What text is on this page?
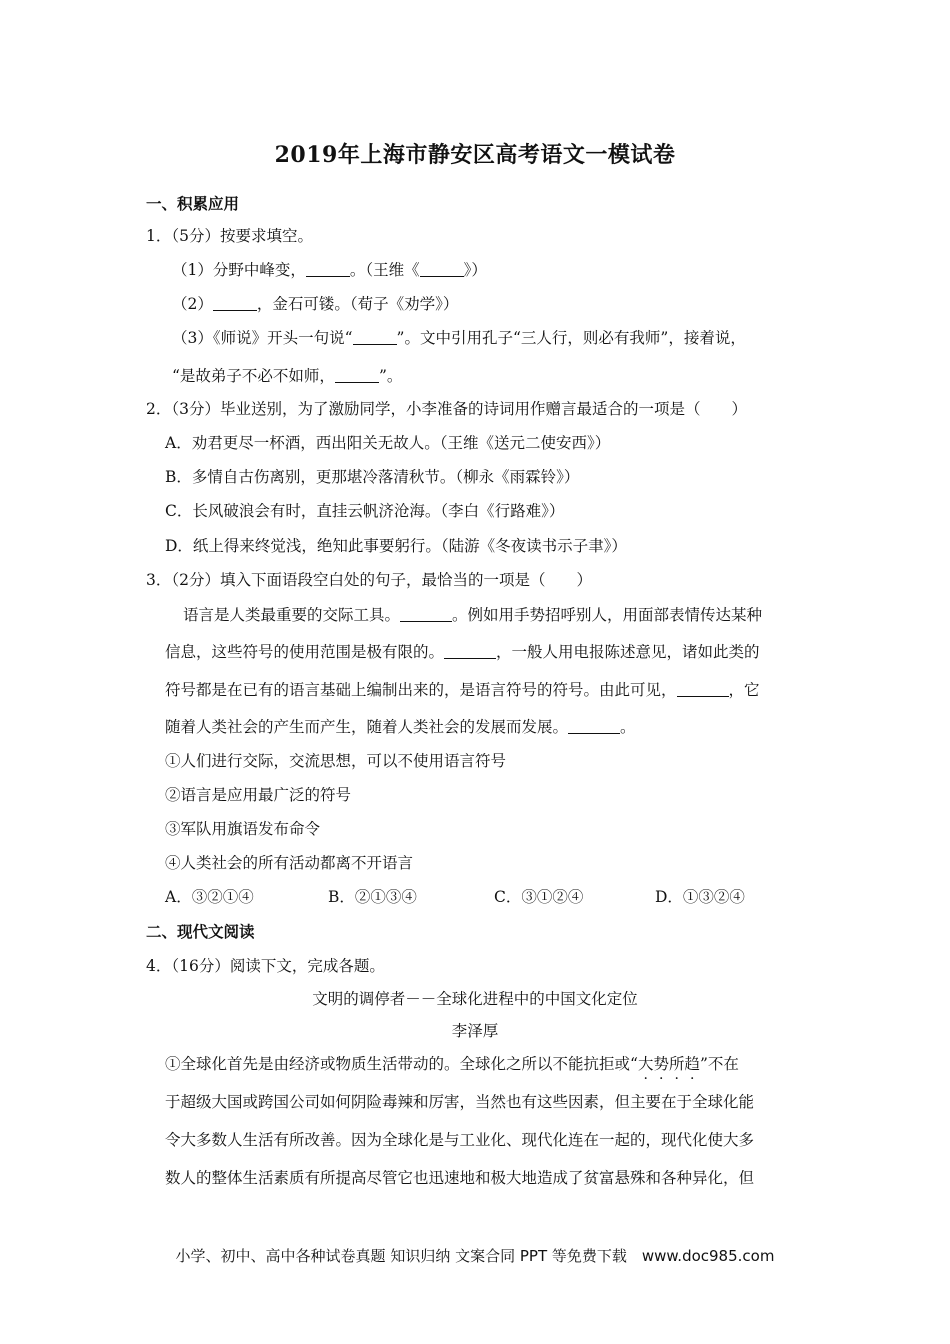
2019年上海市静安区高考语文一模试卷
一、积累应用
1．（5分）按要求填空。
（1）分野中峰变，	。（王维《	》）
（2）	，金石可镂。（荀子《劝学》）
（3）《师说》开头一句说“	”。文中引用孔子“三人行，则必有我师”，接着说，
“是故弟子不必不如师，	”。
2．（3分）毕业送别，为了激励同学，小李准备的诗词用作赠言最适合的一项是（　　）
A．劝君更尽一杯酒，西出阳关无故人。（王维《送元二使安西》）
B．多情自古伤离别，更那堪冷落清秋节。（柳永《雨霖铃》）
C．长风破浪会有时，直挂云帆济沧海。（李白《行路难》）
D．纸上得来终觉浅，绝知此事要躬行。（陆游《冬夜读书示子聿》）
3．（2分）填入下面语段空白处的句子，最恰当的一项是（　　）
语言是人类最重要的交际工具。	。例如用手势招呼别人，用面部表情传达某种
信息，这些符号的使用范围是极有限的。	，一般人用电报陈述意见，诸如此类的
符号都是在已有的语言基础上编制出来的，是语言符号的符号。由此可见，	，它
随着人类社会的产生而产生，随着人类社会的发展而发展。	。
①人们进行交际，交流思想，可以不使用语言符号
②语言是应用最广泛的符号
③军队用旗语发布命令
④人类社会的所有活动都离不开语言
A．③②①④	B．②①③④	C．③①②④	D．①③②④
二、现代文阅读
4．（16分）阅读下文，完成各题。
文明的调停者－－全球化进程中的中国文化定位
李泽厚
①全球化首先是由经济或物质生活带动的。全球化之所以不能抗拒或“大势所趋”不在
于超级大国或跨国公司如何阴险毒辣和厉害，当然也有这些因素，但主要在于全球化能
令大多数人生活有所改善。因为全球化是与工业化、现代化连在一起的，现代化使大多
数人的整体生活素质有所提高尽管它也迅速地和极大地造成了贫富悬殊和各种异化，但
小学、初中、高中各种试卷真题 知识归纳 文案合同 PPT 等免费下载　www.doc985.com
